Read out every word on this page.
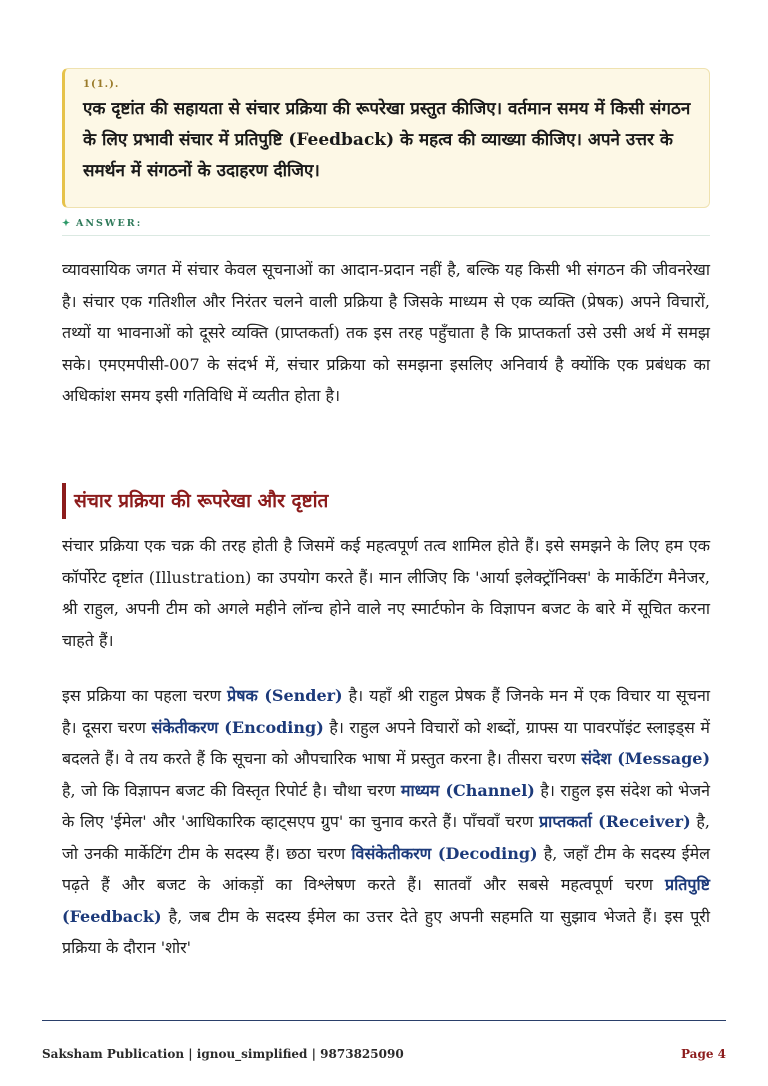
1(1.).
एक दृष्टांत की सहायता से संचार प्रक्रिया की रूपरेखा प्रस्तुत कीजिए। वर्तमान समय में किसी संगठन के लिए प्रभावी संचार में प्रतिपुष्टि (Feedback) के महत्व की व्याख्या कीजिए। अपने उत्तर के समर्थन में संगठनों के उदाहरण दीजिए।
✦ ANSWER:
व्यावसायिक जगत में संचार केवल सूचनाओं का आदान-प्रदान नहीं है, बल्कि यह किसी भी संगठन की जीवनरेखा है। संचार एक गतिशील और निरंतर चलने वाली प्रक्रिया है जिसके माध्यम से एक व्यक्ति (प्रेषक) अपने विचारों, तथ्यों या भावनाओं को दूसरे व्यक्ति (प्राप्तकर्ता) तक इस तरह पहुँचाता है कि प्राप्तकर्ता उसे उसी अर्थ में समझ सके। एमएमपीसी-007 के संदर्भ में, संचार प्रक्रिया को समझना इसलिए अनिवार्य है क्योंकि एक प्रबंधक का अधिकांश समय इसी गतिविधि में व्यतीत होता है।
संचार प्रक्रिया की रूपरेखा और दृष्टांत
संचार प्रक्रिया एक चक्र की तरह होती है जिसमें कई महत्वपूर्ण तत्व शामिल होते हैं। इसे समझने के लिए हम एक कॉर्पोरेट दृष्टांत (Illustration) का उपयोग करते हैं। मान लीजिए कि 'आर्या इलेक्ट्रॉनिक्स' के मार्केटिंग मैनेजर, श्री राहुल, अपनी टीम को अगले महीने लॉन्च होने वाले नए स्मार्टफोन के विज्ञापन बजट के बारे में सूचित करना चाहते हैं।
इस प्रक्रिया का पहला चरण प्रेषक (Sender) है। यहाँ श्री राहुल प्रेषक हैं जिनके मन में एक विचार या सूचना है। दूसरा चरण संकेतीकरण (Encoding) है। राहुल अपने विचारों को शब्दों, ग्राफ्स या पावरपॉइंट स्लाइड्स में बदलते हैं। वे तय करते हैं कि सूचना को औपचारिक भाषा में प्रस्तुत करना है। तीसरा चरण संदेश (Message) है, जो कि विज्ञापन बजट की विस्तृत रिपोर्ट है। चौथा चरण माध्यम (Channel) है। राहुल इस संदेश को भेजने के लिए 'ईमेल' और 'आधिकारिक व्हाट्सएप ग्रुप' का चुनाव करते हैं। पाँचवाँ चरण प्राप्तकर्ता (Receiver) है, जो उनकी मार्केटिंग टीम के सदस्य हैं। छठा चरण विसंकेतीकरण (Decoding) है, जहाँ टीम के सदस्य ईमेल पढ़ते हैं और बजट के आंकड़ों का विश्लेषण करते हैं। सातवाँ और सबसे महत्वपूर्ण चरण प्रतिपुष्टि (Feedback) है, जब टीम के सदस्य ईमेल का उत्तर देते हुए अपनी सहमति या सुझाव भेजते हैं। इस पूरी प्रक्रिया के दौरान 'शोर'
Saksham Publication | ignou_simplified | 9873825090	Page 4
